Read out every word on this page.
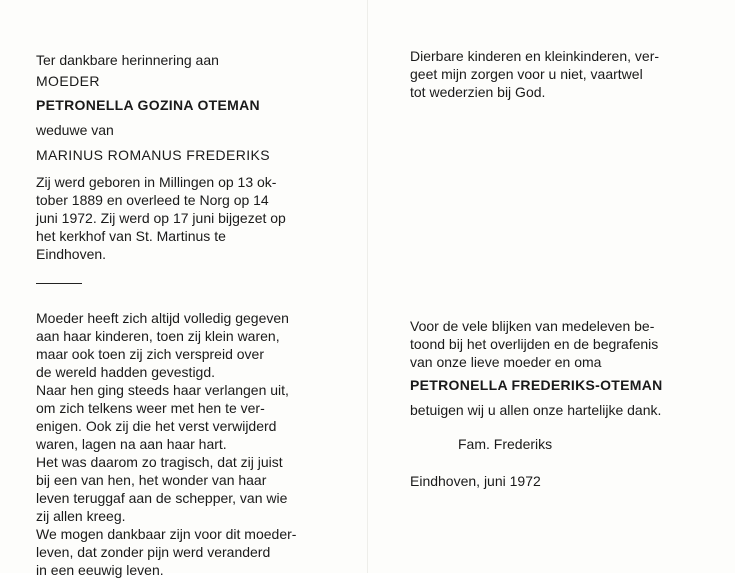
Ter dankbare herinnering aan

MOEDER

PETRONELLA GOZINA OTEMAN

weduwe van

MARINUS ROMANUS FREDERIKS

Zij werd geboren in Millingen op 13 ok-

tober 1889 en overleed te Norg op 14

juni 1972. Zij werd op 17 juni bijgezet op

het kerkhof van St. Martinus te

Eindhoven.

Moeder heeft zich altijd volledig gegeven

aan haar kinderen, toen zij klein waren,

maar ook toen zij zich verspreid over

de wereld hadden gevestigd.

Naar hen ging steeds haar verlangen uit,

om zich telkens weer met hen te ver-

enigen. Ook zij die het verst verwijderd

waren, lagen na aan haar hart.

Het was daarom zo tragisch, dat zij juist

bij een van hen, het wonder van haar

leven teruggaf aan de schepper, van wie

zij allen kreeg.

We mogen dankbaar zijn voor dit moeder-

leven, dat zonder pijn werd veranderd

in een eeuwig leven.

Dierbare kinderen en kleinkinderen, ver-

geet mijn zorgen voor u niet, vaartwel

tot wederzien bij God.

Voor de vele blijken van medeleven be-

toond bij het overlijden en de begrafenis

van onze lieve moeder en oma

PETRONELLA FREDERIKS-OTEMAN

betuigen wij u allen onze hartelijke dank.

Fam. Frederiks

Eindhoven, juni 1972
